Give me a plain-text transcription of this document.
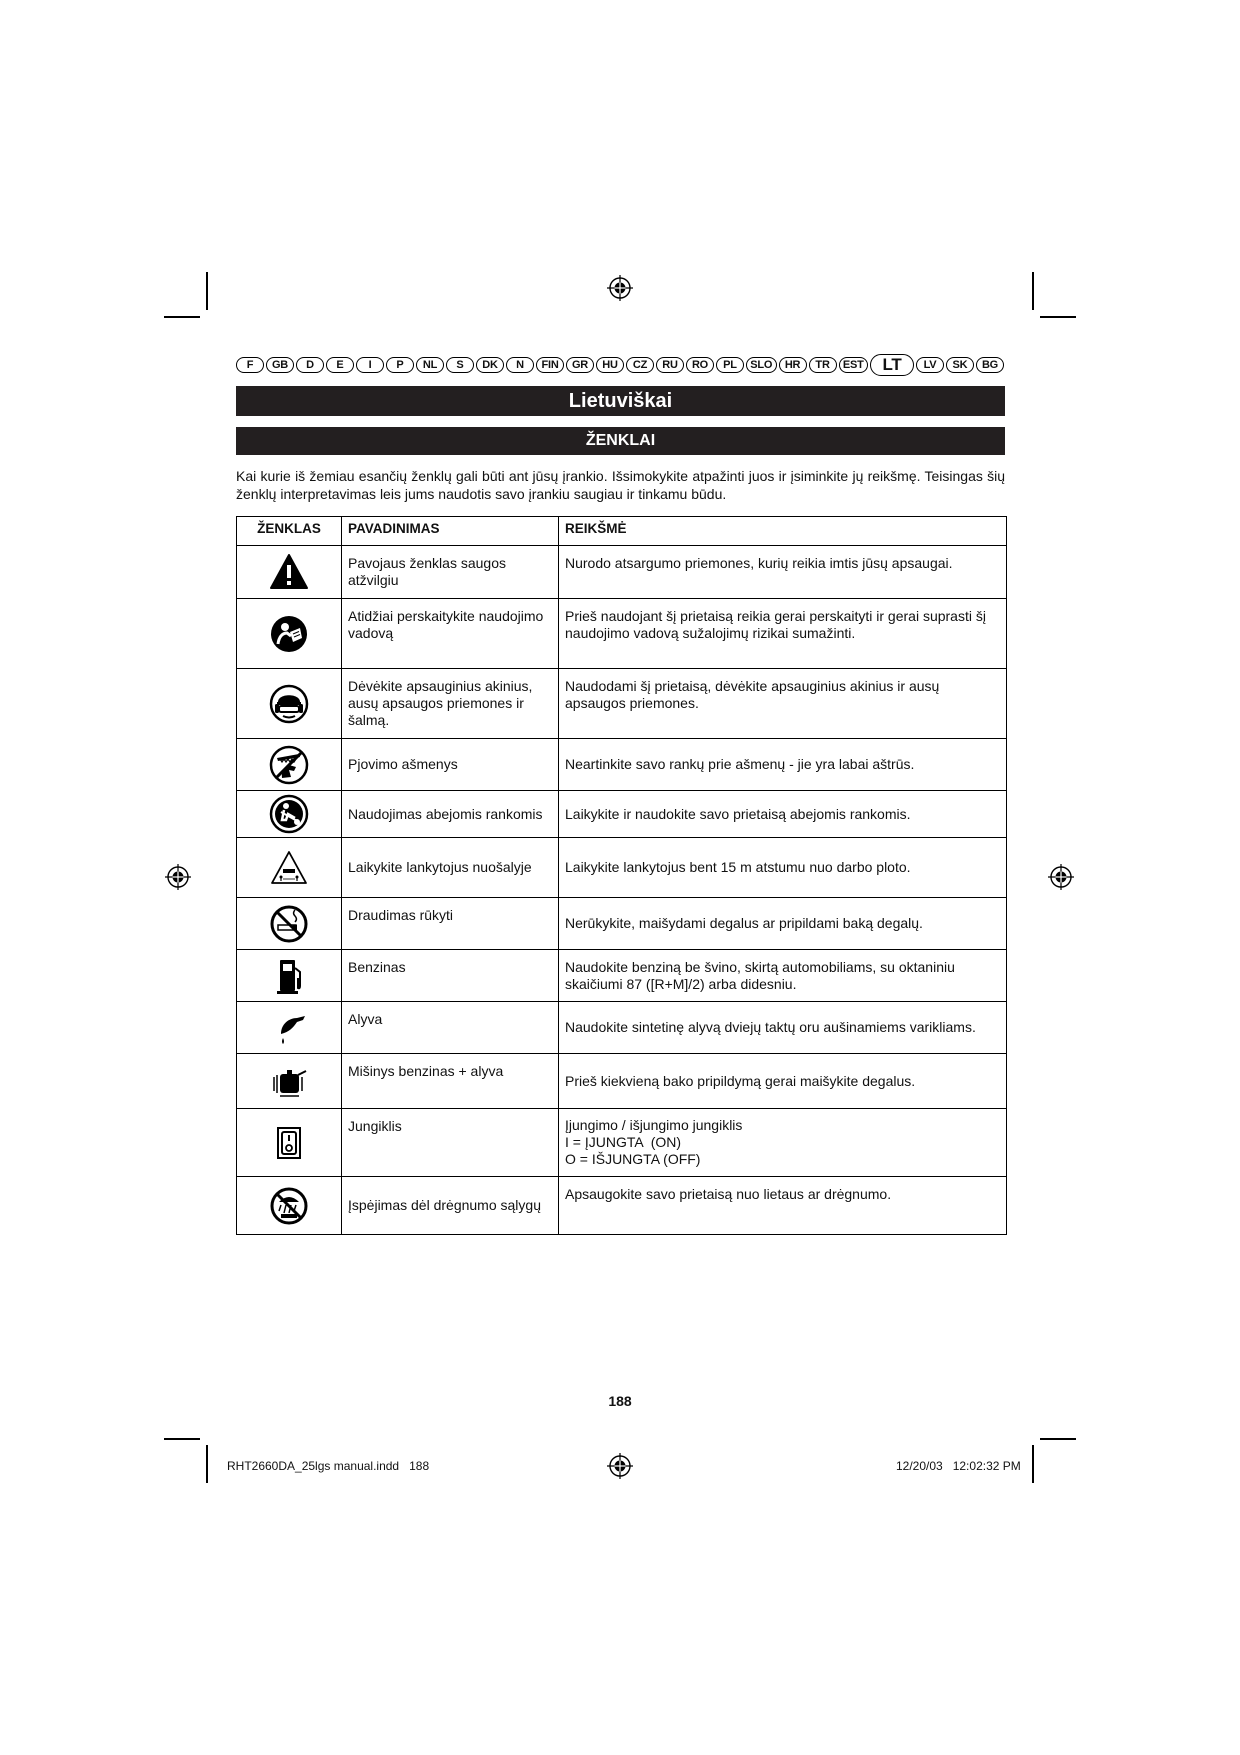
F	GB	D	E	I	P	NL	S	DK	N	FIN	GR	HU	CZ	RU	RO	PL	SLO	HR	TR	EST	LT	LV	SK	BG
Lietuviškai
ŽENKLAI
Kai kurie iš žemiau esančių ženklų gali būti ant jūsų įrankio. Išsimokykite atpažinti juos ir įsiminkite jų reikšmę. Teisingas šių ženklų interpretavimas leis jums naudotis savo įrankiu saugiau ir tinkamu būdu.
ŽENKLAS	PAVADINIMAS	REIKŠMĖ
	Pavojaus ženklas saugos atžvilgiu	Nurodo atsargumo priemones, kurių reikia imtis jūsų apsaugai.
	Atidžiai perskaitykite naudojimo vadovą	Prieš naudojant šį prietaisą reikia gerai perskaityti ir gerai suprasti šį naudojimo vadovą sužalojimų rizikai sumažinti.
	Dėvėkite apsauginius akinius, ausų apsaugos priemones ir šalmą.	Naudodami šį prietaisą, dėvėkite apsauginius akinius ir ausų apsaugos priemones.
	Pjovimo ašmenys	Neartinkite savo rankų prie ašmenų - jie yra labai aštrūs.
	Naudojimas abejomis rankomis	Laikykite ir naudokite savo prietaisą abejomis rankomis.
	Laikykite lankytojus nuošalyje	Laikykite lankytojus bent 15 m atstumu nuo darbo ploto.
	Draudimas rūkyti	Nerūkykite, maišydami degalus ar pripildami baką degalų.
	Benzinas	Naudokite benziną be švino, skirtą automobiliams, su oktaniniu skaičiumi 87 ([R+M]/2) arba didesniu.
	Alyva	Naudokite sintetinę alyvą dviejų taktų oru aušinamiems varikliams.
	Mišinys benzinas + alyva	Prieš kiekvieną bako pripildymą gerai maišykite degalus.
	Jungiklis	Įjungimo / išjungimo jungiklis
I = ĮJUNGTA  (ON)
O = IŠJUNGTA (OFF)

	Įspėjimas dėl drėgnumo sąlygų	Apsaugokite savo prietaisą nuo lietaus ar drėgnumo.
188
RHT2660DA_25lgs manual.indd   188	12/20/03   12:02:32 PM
